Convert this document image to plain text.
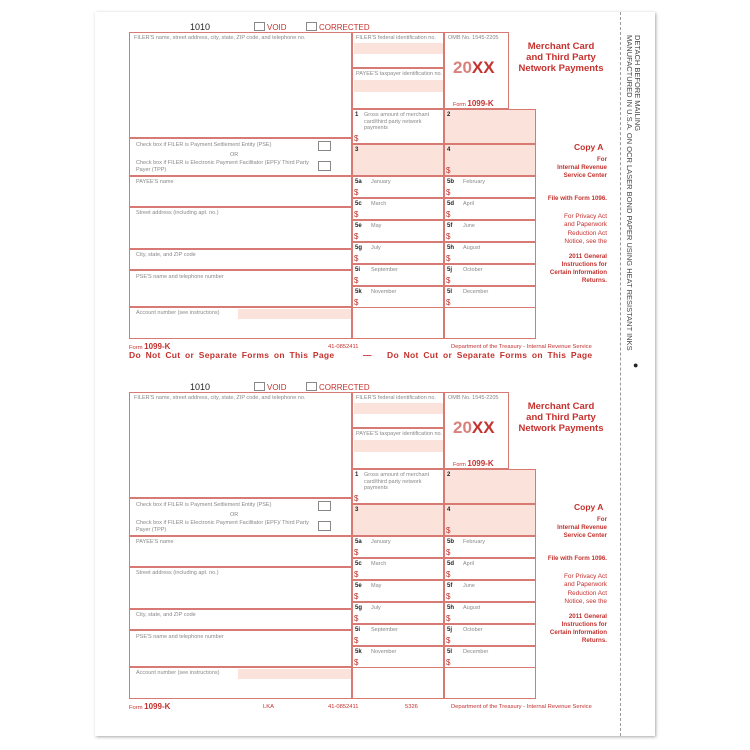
DETACH BEFORE MAILING
MANUFACTURED IN U.S.A. ON OCR LASER BOND PAPER USING HEAT RESISTANT INKS
●
1010	VOID	CORRECTED
FILER'S name, street address, city, state, ZIP code, and telephone no.
Check box if FILER is Payment Settlement Entity (PSE)
OR
Check box if FILER is Electronic Payment Facilitator (EPF)/ Third Party Payer (TPP)
PAYEE'S name
Street address (including apt. no.)
City, state, and ZIP code
PSE'S name and telephone number
Account number (see instructions)
FILER'S federal identification no.
PAYEE'S taxpayer identification no.
OMB No. 1545-2205
20XX
Form 1099-K
Merchant Card
and Third Party
Network Payments
1 Gross amount of merchant card/third party network payments
$
2
3	4
$
5a January
$
5b February
$
5c March
$
5d April
$
5e May
$
5f June
$
5g July
$
5h August
$
5i September
$
5j October
$
5k November
$
5l December
$
Copy A
For
Internal Revenue
Service Center
File with Form 1096.
For Privacy Act
and Paperwork
Reduction Act
Notice, see the
2011 General
Instructions for
Certain Information
Returns.
Form 1099-K	41-0852411	Department of the Treasury - Internal Revenue Service
1010	VOID	CORRECTED
FILER'S name, street address, city, state, ZIP code, and telephone no.
Check box if FILER is Payment Settlement Entity (PSE)
OR
Check box if FILER is Electronic Payment Facilitator (EPF)/ Third Party Payer (TPP)
PAYEE'S name
Street address (including apt. no.)
City, state, and ZIP code
PSE'S name and telephone number
Account number (see instructions)
FILER'S federal identification no.
PAYEE'S taxpayer identification no.
OMB No. 1545-2205
20XX
Form 1099-K
Merchant Card
and Third Party
Network Payments
1 Gross amount of merchant card/third party network payments
$
2
3	4
$
5a January
$
5b February
$
5c March
$
5d April
$
5e May
$
5f June
$
5g July
$
5h August
$
5i September
$
5j October
$
5k November
$
5l December
$
Copy A
For
Internal Revenue
Service Center
File with Form 1096.
For Privacy Act
and Paperwork
Reduction Act
Notice, see the
2011 General
Instructions for
Certain Information
Returns.
Form 1099-K	LKA	41-0852411	5326	Department of the Treasury - Internal Revenue Service
Do Not Cut or Separate Forms on This Page	— Do Not Cut or Separate Forms on This Page
